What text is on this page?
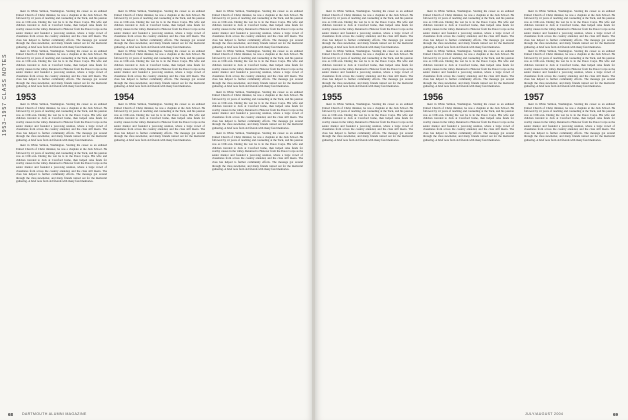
1953–1957 CLASS NOTES

ment in White Salmon, Washington. Starting his career as an enlisted United Church of Christ minister, he was a chaplain at the Jack School. He followed by 41 years of teaching and counseling at the Tuck, and his passion was as CDC-run. During the war he is in the Peace Corps. His wife and children traveled to Jack at Crawford home, then helped raise funds for worthy causes in the valley. Returned to Hanover from the Peace Corps as the senior mentor and founded a year-long reunion, where a large crowd of classmates from across the country attended, and the class still meets. The class has helped to further community efforts. The message got around through the class newsletter, and many friends turned out for the memorial gathering. A brief note from old friends with many fond memories.

ment in White Salmon, Washington. Starting his career as an enlisted United Church of Christ minister, he was a chaplain at the Jack School. He followed by 41 years of teaching and counseling at the Tuck, and his passion was as CDC-run. During the war he is in the Peace Corps. His wife and children traveled to Jack at Crawford home, then helped raise funds for worthy causes in the valley. Returned to Hanover from the Peace Corps as the senior mentor and founded a year-long reunion, where a large crowd of classmates from across the country attended, and the class still meets. The class has helped to further community efforts. The message got around through the class newsletter, and many friends turned out for the memorial gathering. A brief note from old friends with many fond memories.

1953

ment in White Salmon, Washington. Starting his career as an enlisted United Church of Christ minister, he was a chaplain at the Jack School. He followed by 41 years of teaching and counseling at the Tuck, and his passion was as CDC-run. During the war he is in the Peace Corps. His wife and children traveled to Jack at Crawford home, then helped raise funds for worthy causes in the valley. Returned to Hanover from the Peace Corps as the senior mentor and founded a year-long reunion, where a large crowd of classmates from across the country attended, and the class still meets. The class has helped to further community efforts. The message got around through the class newsletter, and many friends turned out for the memorial gathering. A brief note from old friends with many fond memories.

ment in White Salmon, Washington. Starting his career as an enlisted United Church of Christ minister, he was a chaplain at the Jack School. He followed by 41 years of teaching and counseling at the Tuck, and his passion was as CDC-run. During the war he is in the Peace Corps. His wife and children traveled to Jack at Crawford home, then helped raise funds for worthy causes in the valley. Returned to Hanover from the Peace Corps as the senior mentor and founded a year-long reunion, where a large crowd of classmates from across the country attended, and the class still meets. The class has helped to further community efforts. The message got around through the class newsletter, and many friends turned out for the memorial gathering. A brief note from old friends with many fond memories.

ment in White Salmon, Washington. Starting his career as an enlisted United Church of Christ minister, he was a chaplain at the Jack School. He followed by 41 years of teaching and counseling at the Tuck, and his passion was as CDC-run. During the war he is in the Peace Corps. His wife and children traveled to Jack at Crawford home, then helped raise funds for worthy causes in the valley. Returned to Hanover from the Peace Corps as the senior mentor and founded a year-long reunion, where a large crowd of classmates from across the country attended, and the class still meets. The class has helped to further community efforts. The message got around through the class newsletter, and many friends turned out for the memorial gathering. A brief note from old friends with many fond memories.

ment in White Salmon, Washington. Starting his career as an enlisted United Church of Christ minister, he was a chaplain at the Jack School. He followed by 41 years of teaching and counseling at the Tuck, and his passion was as CDC-run. During the war he is in the Peace Corps. His wife and children traveled to Jack at Crawford home, then helped raise funds for worthy causes in the valley. Returned to Hanover from the Peace Corps as the senior mentor and founded a year-long reunion, where a large crowd of classmates from across the country attended, and the class still meets. The class has helped to further community efforts. The message got around through the class newsletter, and many friends turned out for the memorial gathering. A brief note from old friends with many fond memories.

1954

ment in White Salmon, Washington. Starting his career as an enlisted United Church of Christ minister, he was a chaplain at the Jack School. He followed by 41 years of teaching and counseling at the Tuck, and his passion was as CDC-run. During the war he is in the Peace Corps. His wife and children traveled to Jack at Crawford home, then helped raise funds for worthy causes in the valley. Returned to Hanover from the Peace Corps as the senior mentor and founded a year-long reunion, where a large crowd of classmates from across the country attended, and the class still meets. The class has helped to further community efforts. The message got around through the class newsletter, and many friends turned out for the memorial gathering. A brief note from old friends with many fond memories.

ment in White Salmon, Washington. Starting his career as an enlisted United Church of Christ minister, he was a chaplain at the Jack School. He followed by 41 years of teaching and counseling at the Tuck, and his passion was as CDC-run. During the war he is in the Peace Corps. His wife and children traveled to Jack at Crawford home, then helped raise funds for worthy causes in the valley. Returned to Hanover from the Peace Corps as the senior mentor and founded a year-long reunion, where a large crowd of classmates from across the country attended, and the class still meets. The class has helped to further community efforts. The message got around through the class newsletter, and many friends turned out for the memorial gathering. A brief note from old friends with many fond memories.

ment in White Salmon, Washington. Starting his career as an enlisted United Church of Christ minister, he was a chaplain at the Jack School. He followed by 41 years of teaching and counseling at the Tuck, and his passion was as CDC-run. During the war he is in the Peace Corps. His wife and children traveled to Jack at Crawford home, then helped raise funds for worthy causes in the valley. Returned to Hanover from the Peace Corps as the senior mentor and founded a year-long reunion, where a large crowd of classmates from across the country attended, and the class still meets. The class has helped to further community efforts. The message got around through the class newsletter, and many friends turned out for the memorial gathering. A brief note from old friends with many fond memories.

ment in White Salmon, Washington. Starting his career as an enlisted United Church of Christ minister, he was a chaplain at the Jack School. He followed by 41 years of teaching and counseling at the Tuck, and his passion was as CDC-run. During the war he is in the Peace Corps. His wife and children traveled to Jack at Crawford home, then helped raise funds for worthy causes in the valley. Returned to Hanover from the Peace Corps as the senior mentor and founded a year-long reunion, where a large crowd of classmates from across the country attended, and the class still meets. The class has helped to further community efforts. The message got around through the class newsletter, and many friends turned out for the memorial gathering. A brief note from old friends with many fond memories.

ment in White Salmon, Washington. Starting his career as an enlisted United Church of Christ minister, he was a chaplain at the Jack School. He followed by 41 years of teaching and counseling at the Tuck, and his passion was as CDC-run. During the war he is in the Peace Corps. His wife and children traveled to Jack at Crawford home, then helped raise funds for worthy causes in the valley. Returned to Hanover from the Peace Corps as the senior mentor and founded a year-long reunion, where a large crowd of classmates from across the country attended, and the class still meets. The class has helped to further community efforts. The message got around through the class newsletter, and many friends turned out for the memorial gathering. A brief note from old friends with many fond memories.

68 DARTMOUTH ALUMNI MAGAZINE

ment in White Salmon, Washington. Starting his career as an enlisted United Church of Christ minister, he was a chaplain at the Jack School. He followed by 41 years of teaching and counseling at the Tuck, and his passion was as CDC-run. During the war he is in the Peace Corps. His wife and children traveled to Jack at Crawford home, then helped raise funds for worthy causes in the valley. Returned to Hanover from the Peace Corps as the senior mentor and founded a year-long reunion, where a large crowd of classmates from across the country attended, and the class still meets. The class has helped to further community efforts. The message got around through the class newsletter, and many friends turned out for the memorial gathering. A brief note from old friends with many fond memories.

ment in White Salmon, Washington. Starting his career as an enlisted United Church of Christ minister, he was a chaplain at the Jack School. He followed by 41 years of teaching and counseling at the Tuck, and his passion was as CDC-run. During the war he is in the Peace Corps. His wife and children traveled to Jack at Crawford home, then helped raise funds for worthy causes in the valley. Returned to Hanover from the Peace Corps as the senior mentor and founded a year-long reunion, where a large crowd of classmates from across the country attended, and the class still meets. The class has helped to further community efforts. The message got around through the class newsletter, and many friends turned out for the memorial gathering. A brief note from old friends with many fond memories.

1955

ment in White Salmon, Washington. Starting his career as an enlisted United Church of Christ minister, he was a chaplain at the Jack School. He followed by 41 years of teaching and counseling at the Tuck, and his passion was as CDC-run. During the war he is in the Peace Corps. His wife and children traveled to Jack at Crawford home, then helped raise funds for worthy causes in the valley. Returned to Hanover from the Peace Corps as the senior mentor and founded a year-long reunion, where a large crowd of classmates from across the country attended, and the class still meets. The class has helped to further community efforts. The message got around through the class newsletter, and many friends turned out for the memorial gathering. A brief note from old friends with many fond memories.

ment in White Salmon, Washington. Starting his career as an enlisted United Church of Christ minister, he was a chaplain at the Jack School. He followed by 41 years of teaching and counseling at the Tuck, and his passion was as CDC-run. During the war he is in the Peace Corps. His wife and children traveled to Jack at Crawford home, then helped raise funds for worthy causes in the valley. Returned to Hanover from the Peace Corps as the senior mentor and founded a year-long reunion, where a large crowd of classmates from across the country attended, and the class still meets. The class has helped to further community efforts. The message got around through the class newsletter, and many friends turned out for the memorial gathering. A brief note from old friends with many fond memories.

ment in White Salmon, Washington. Starting his career as an enlisted United Church of Christ minister, he was a chaplain at the Jack School. He followed by 41 years of teaching and counseling at the Tuck, and his passion was as CDC-run. During the war he is in the Peace Corps. His wife and children traveled to Jack at Crawford home, then helped raise funds for worthy causes in the valley. Returned to Hanover from the Peace Corps as the senior mentor and founded a year-long reunion, where a large crowd of classmates from across the country attended, and the class still meets. The class has helped to further community efforts. The message got around through the class newsletter, and many friends turned out for the memorial gathering. A brief note from old friends with many fond memories.

1956

ment in White Salmon, Washington. Starting his career as an enlisted United Church of Christ minister, he was a chaplain at the Jack School. He followed by 41 years of teaching and counseling at the Tuck, and his passion was as CDC-run. During the war he is in the Peace Corps. His wife and children traveled to Jack at Crawford home, then helped raise funds for worthy causes in the valley. Returned to Hanover from the Peace Corps as the senior mentor and founded a year-long reunion, where a large crowd of classmates from across the country attended, and the class still meets. The class has helped to further community efforts. The message got around through the class newsletter, and many friends turned out for the memorial gathering. A brief note from old friends with many fond memories.

ment in White Salmon, Washington. Starting his career as an enlisted United Church of Christ minister, he was a chaplain at the Jack School. He followed by 41 years of teaching and counseling at the Tuck, and his passion was as CDC-run. During the war he is in the Peace Corps. His wife and children traveled to Jack at Crawford home, then helped raise funds for worthy causes in the valley. Returned to Hanover from the Peace Corps as the senior mentor and founded a year-long reunion, where a large crowd of classmates from across the country attended, and the class still meets. The class has helped to further community efforts. The message got around through the class newsletter, and many friends turned out for the memorial gathering. A brief note from old friends with many fond memories.

ment in White Salmon, Washington. Starting his career as an enlisted United Church of Christ minister, he was a chaplain at the Jack School. He followed by 41 years of teaching and counseling at the Tuck, and his passion was as CDC-run. During the war he is in the Peace Corps. His wife and children traveled to Jack at Crawford home, then helped raise funds for worthy causes in the valley. Returned to Hanover from the Peace Corps as the senior mentor and founded a year-long reunion, where a large crowd of classmates from across the country attended, and the class still meets. The class has helped to further community efforts. The message got around through the class newsletter, and many friends turned out for the memorial gathering. A brief note from old friends with many fond memories.

1957

ment in White Salmon, Washington. Starting his career as an enlisted United Church of Christ minister, he was a chaplain at the Jack School. He followed by 41 years of teaching and counseling at the Tuck, and his passion was as CDC-run. During the war he is in the Peace Corps. His wife and children traveled to Jack at Crawford home, then helped raise funds for worthy causes in the valley. Returned to Hanover from the Peace Corps as the senior mentor and founded a year-long reunion, where a large crowd of classmates from across the country attended, and the class still meets. The class has helped to further community efforts. The message got around through the class newsletter, and many friends turned out for the memorial gathering. A brief note from old friends with many fond memories.

JULY/AUGUST 2004	69
